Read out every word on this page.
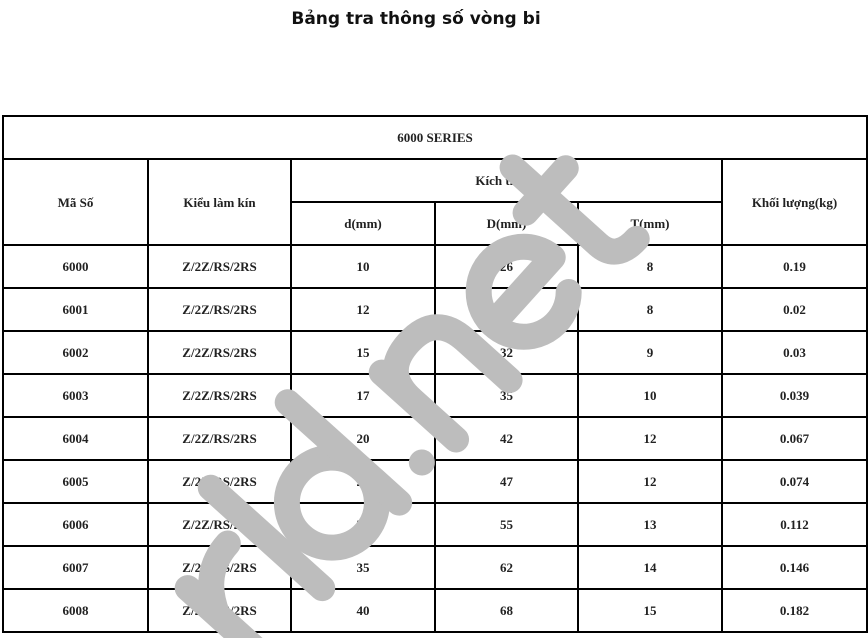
Bảng tra thông số vòng bi
6000 SERIES					
Mã Số	Kiểu làm kín	Kích thước			Khối lượng(kg)
		d(mm)	D(mm)	T(mm)	
6000	Z/2Z/RS/2RS	10	26	8	0.19
6001	Z/2Z/RS/2RS	12	28	8	0.02
6002	Z/2Z/RS/2RS	15	32	9	0.03
6003	Z/2Z/RS/2RS	17	35	10	0.039
6004	Z/2Z/RS/2RS	20	42	12	0.067
6005	Z/2Z/RS/2RS	25	47	12	0.074
6006	Z/2Z/RS/2RS	30	55	13	0.112
6007	Z/2Z/RS/2RS	35	62	14	0.146
6008	Z/2Z/RS/2RS	40	68	15	0.182
